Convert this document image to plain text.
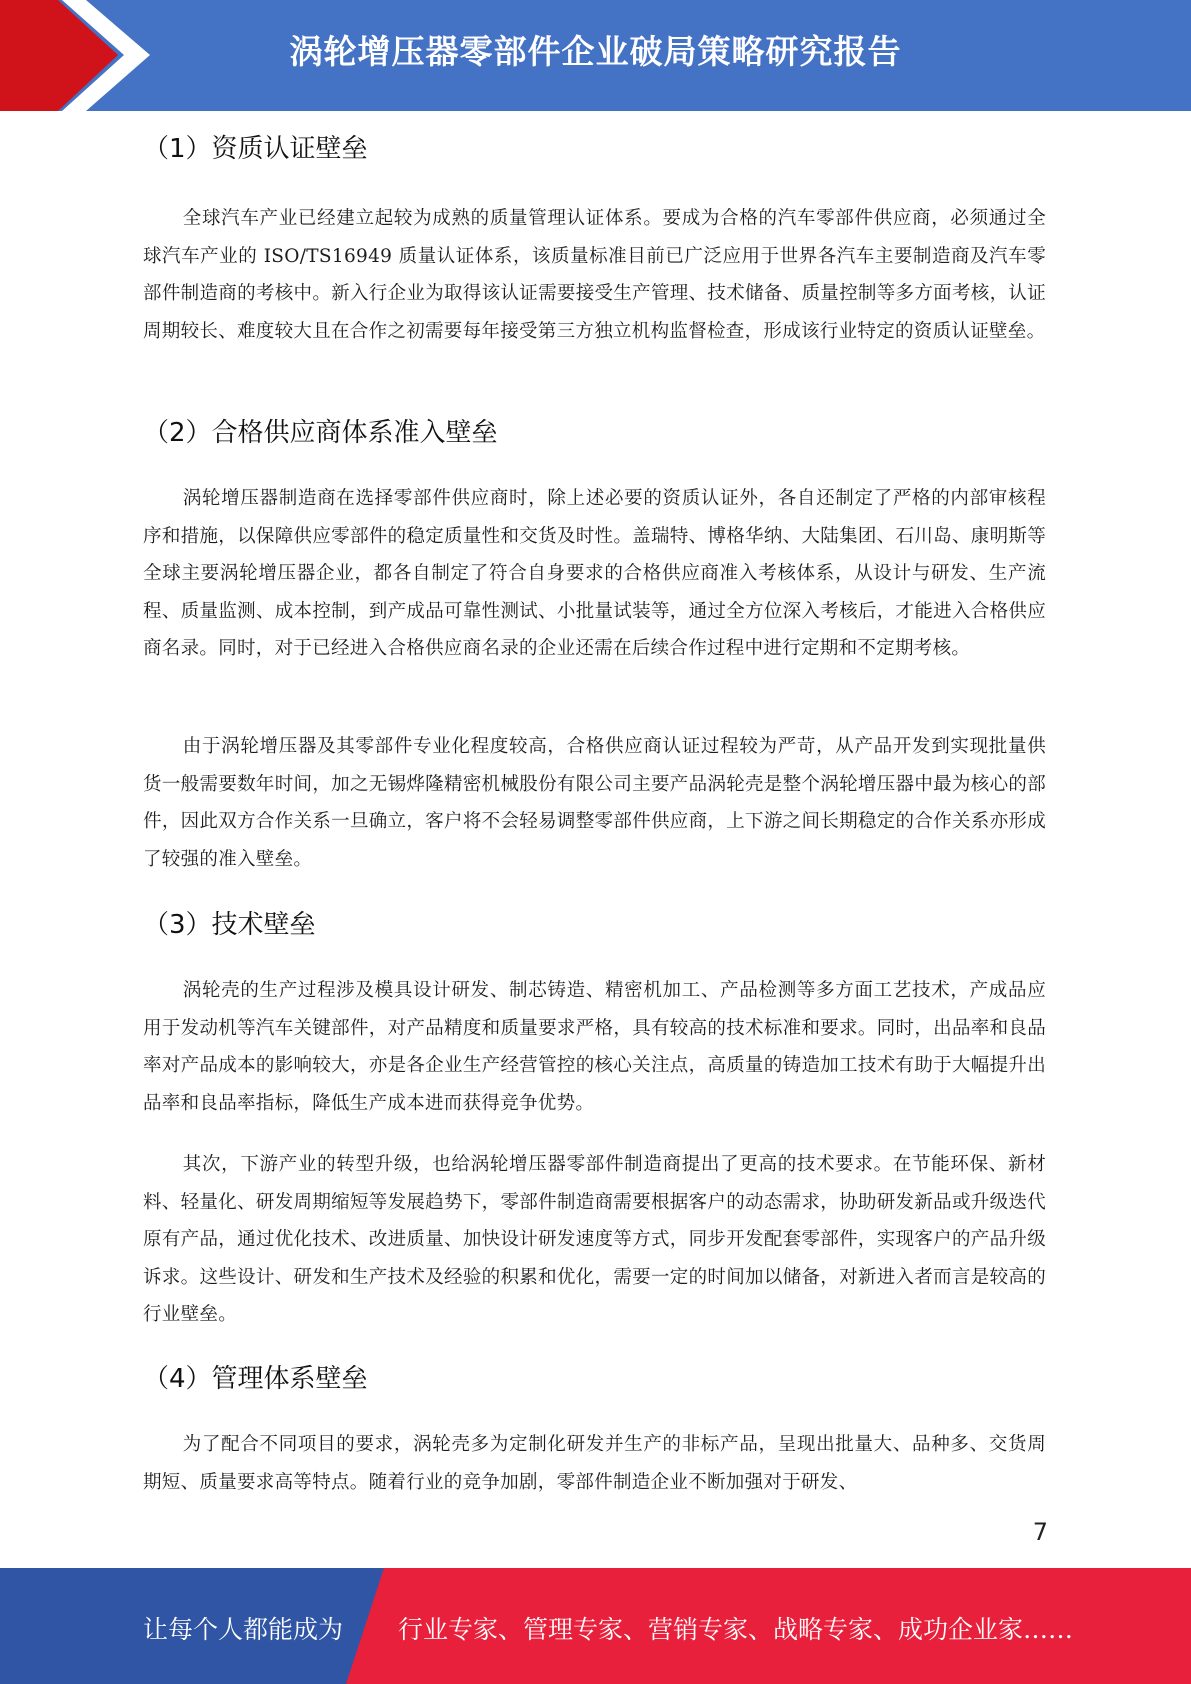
涡轮增压器零部件企业破局策略研究报告
（1）资质认证壁垒

全球汽车产业已经建立起较为成熟的质量管理认证体系。要成为合格的汽车零部件供应商，必须通过全球汽车产业的 ISO/TS16949 质量认证体系，该质量标准目前已广泛应用于世界各汽车主要制造商及汽车零部件制造商的考核中。新入行企业为取得该认证需要接受生产管理、技术储备、质量控制等多方面考核，认证周期较长、难度较大且在合作之初需要每年接受第三方独立机构监督检查，形成该行业特定的资质认证壁垒。

（2）合格供应商体系准入壁垒

涡轮增压器制造商在选择零部件供应商时，除上述必要的资质认证外，各自还制定了严格的内部审核程序和措施，以保障供应零部件的稳定质量性和交货及时性。盖瑞特、博格华纳、大陆集团、石川岛、康明斯等全球主要涡轮增压器企业，都各自制定了符合自身要求的合格供应商准入考核体系，从设计与研发、生产流程、质量监测、成本控制，到产成品可靠性测试、小批量试装等，通过全方位深入考核后，才能进入合格供应商名录。同时，对于已经进入合格供应商名录的企业还需在后续合作过程中进行定期和不定期考核。

由于涡轮增压器及其零部件专业化程度较高，合格供应商认证过程较为严苛，从产品开发到实现批量供货一般需要数年时间，加之无锡烨隆精密机械股份有限公司主要产品涡轮壳是整个涡轮增压器中最为核心的部件，因此双方合作关系一旦确立，客户将不会轻易调整零部件供应商，上下游之间长期稳定的合作关系亦形成了较强的准入壁垒。

（3）技术壁垒

涡轮壳的生产过程涉及模具设计研发、制芯铸造、精密机加工、产品检测等多方面工艺技术，产成品应用于发动机等汽车关键部件，对产品精度和质量要求严格，具有较高的技术标准和要求。同时，出品率和良品率对产品成本的影响较大，亦是各企业生产经营管控的核心关注点，高质量的铸造加工技术有助于大幅提升出品率和良品率指标，降低生产成本进而获得竞争优势。

其次，下游产业的转型升级，也给涡轮增压器零部件制造商提出了更高的技术要求。在节能环保、新材料、轻量化、研发周期缩短等发展趋势下，零部件制造商需要根据客户的动态需求，协助研发新品或升级迭代原有产品，通过优化技术、改进质量、加快设计研发速度等方式，同步开发配套零部件，实现客户的产品升级诉求。这些设计、研发和生产技术及经验的积累和优化，需要一定的时间加以储备，对新进入者而言是较高的行业壁垒。

（4）管理体系壁垒

为了配合不同项目的要求，涡轮壳多为定制化研发并生产的非标产品，呈现出批量大、品种多、交货周期短、质量要求高等特点。随着行业的竞争加剧，零部件制造企业不断加强对于研发、

7
让每个人都能成为 行业专家、管理专家、营销专家、战略专家、成功企业家……
